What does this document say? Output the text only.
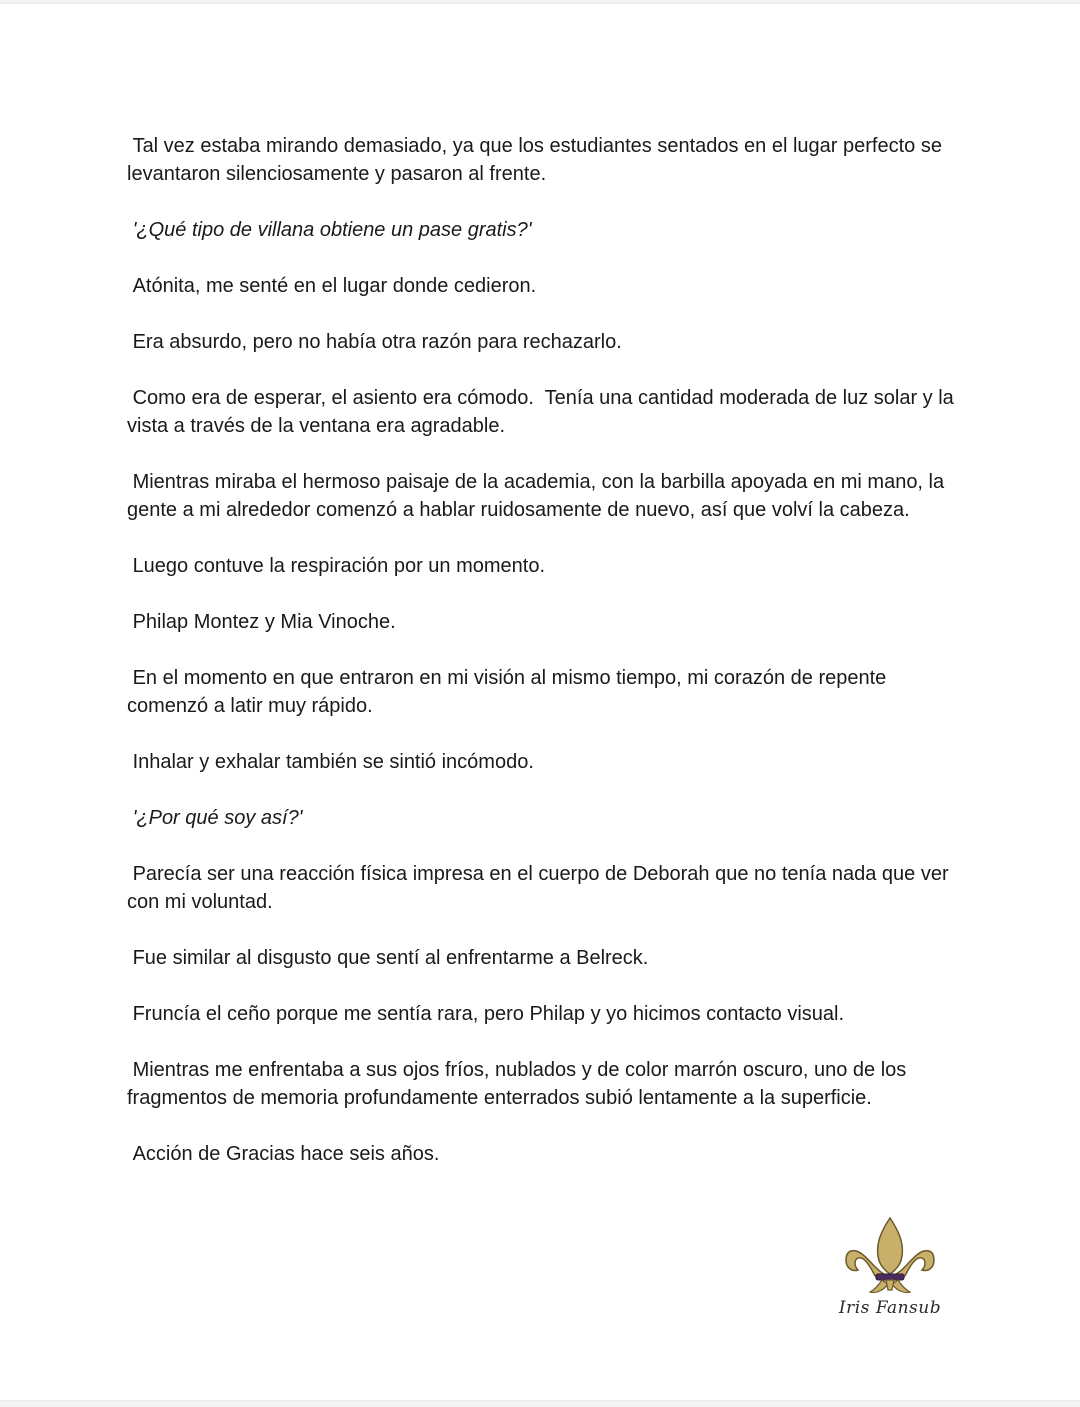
Tal vez estaba mirando demasiado, ya que los estudiantes sentados en el lugar perfecto se levantaron silenciosamente y pasaron al frente.

'¿Qué tipo de villana obtiene un pase gratis?'

Atónita, me senté en el lugar donde cedieron.

Era absurdo, pero no había otra razón para rechazarlo.

Como era de esperar, el asiento era cómodo.  Tenía una cantidad moderada de luz solar y la vista a través de la ventana era agradable.

Mientras miraba el hermoso paisaje de la academia, con la barbilla apoyada en mi mano, la gente a mi alrededor comenzó a hablar ruidosamente de nuevo, así que volví la cabeza.

Luego contuve la respiración por un momento.

Philap Montez y Mia Vinoche.

En el momento en que entraron en mi visión al mismo tiempo, mi corazón de repente comenzó a latir muy rápido.

Inhalar y exhalar también se sintió incómodo.

'¿Por qué soy así?'

Parecía ser una reacción física impresa en el cuerpo de Deborah que no tenía nada que ver con mi voluntad.

Fue similar al disgusto que sentí al enfrentarme a Belreck.

Fruncía el ceño porque me sentía rara, pero Philap y yo hicimos contacto visual.

Mientras me enfrentaba a sus ojos fríos, nublados y de color marrón oscuro, uno de los fragmentos de memoria profundamente enterrados subió lentamente a la superficie.

Acción de Gracias hace seis años.

Iris Fansub
